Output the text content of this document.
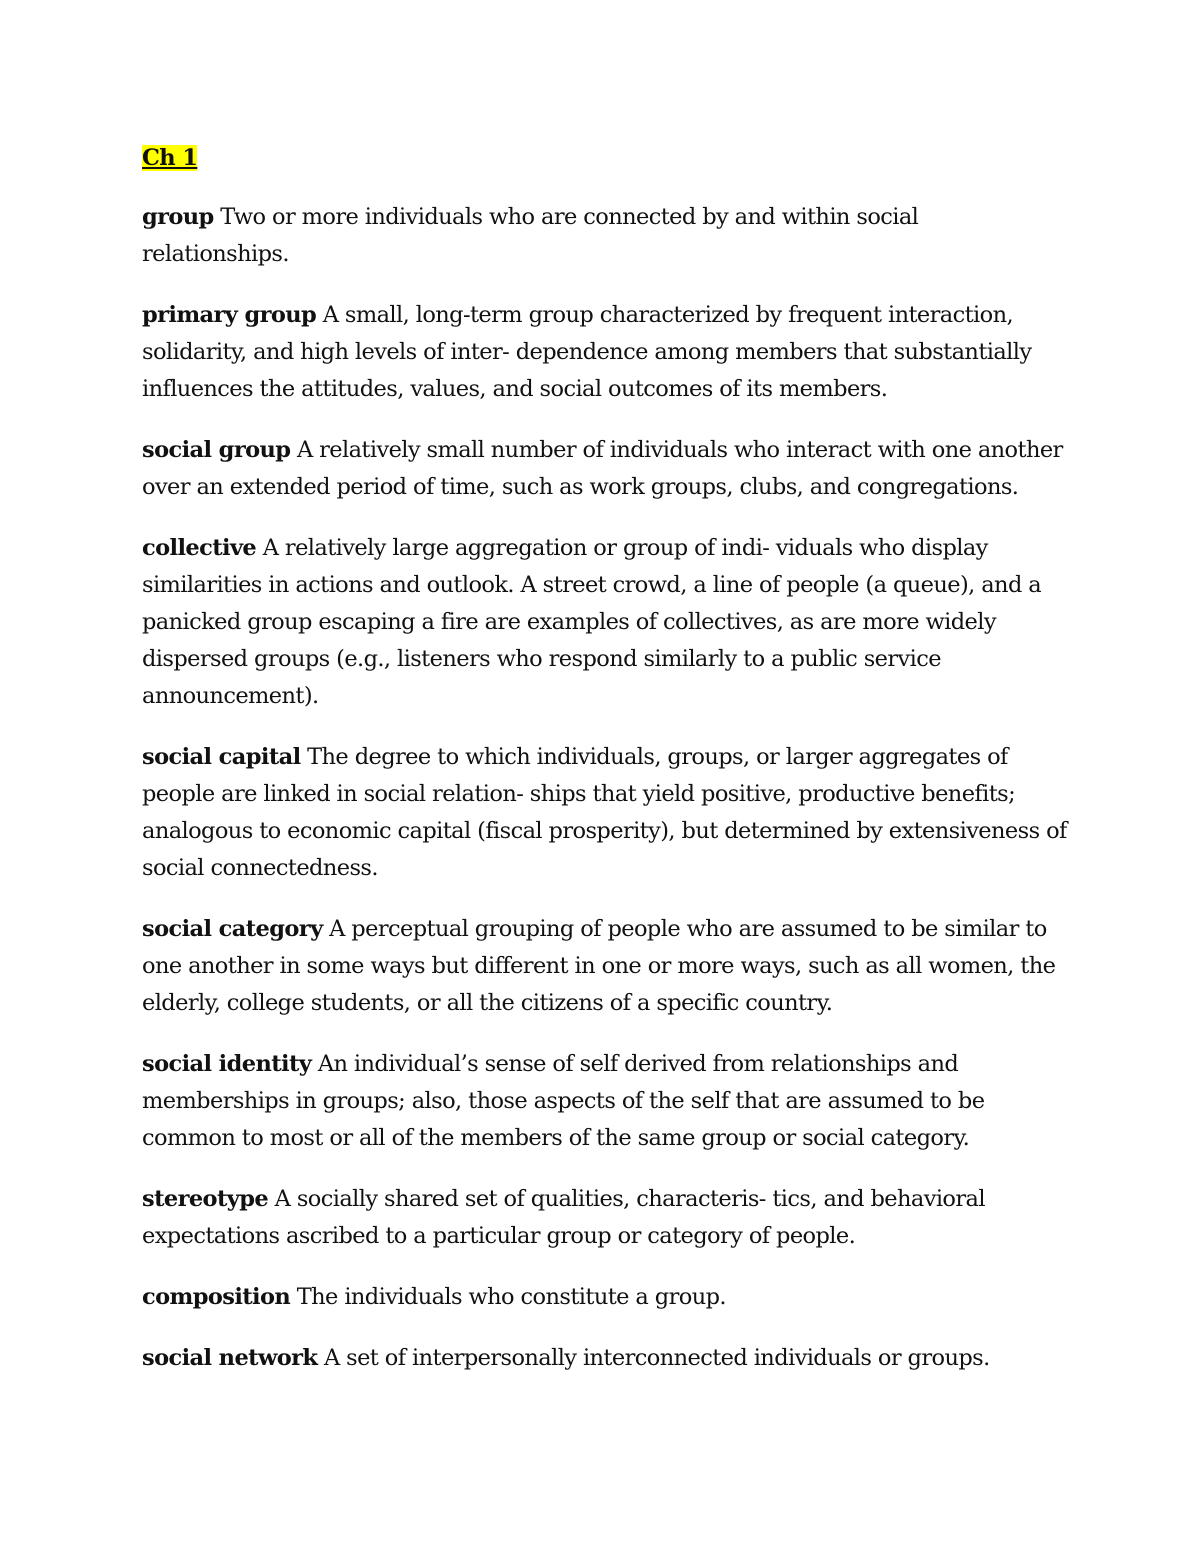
Ch 1

group Two or more individuals who are connected by and within social relationships.

primary group A small, long-term group characterized by frequent interaction, solidarity, and high levels of inter- dependence among members that substantially influences the attitudes, values, and social outcomes of its members.

social group A relatively small number of individuals who interact with one another over an extended period of time, such as work groups, clubs, and congregations.

collective A relatively large aggregation or group of indi- viduals who display similarities in actions and outlook. A street crowd, a line of people (a queue), and a panicked group escaping a fire are examples of collectives, as are more widely dispersed groups (e.g., listeners who respond similarly to a public service announcement).

social capital The degree to which individuals, groups, or larger aggregates of people are linked in social relation- ships that yield positive, productive benefits; analogous to economic capital (fiscal prosperity), but determined by extensiveness of social connectedness.

social category A perceptual grouping of people who are assumed to be similar to one another in some ways but different in one or more ways, such as all women, the elderly, college students, or all the citizens of a specific country.

social identity An individual’s sense of self derived from relationships and memberships in groups; also, those aspects of the self that are assumed to be common to most or all of the members of the same group or social category.

stereotype A socially shared set of qualities, characteris- tics, and behavioral expectations ascribed to a particular group or category of people.

composition The individuals who constitute a group.

social network A set of interpersonally interconnected individuals or groups.
